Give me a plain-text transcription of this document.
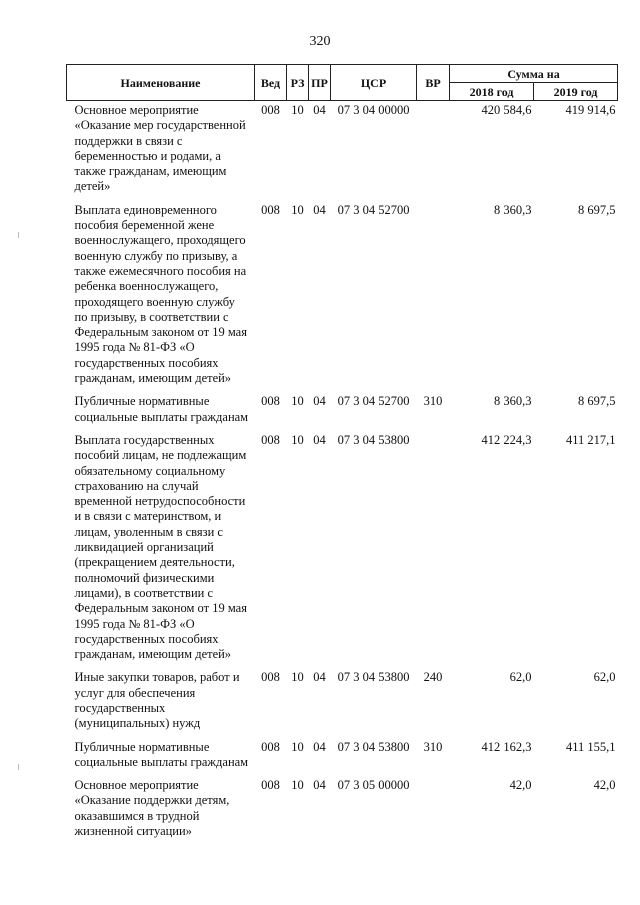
320
Наименование	Вед	РЗ	ПР	ЦСР	ВР	Сумма на	
						2018 год	2019 год
Основное мероприятие «Оказание мер государственной поддержки в связи с беременностью и родами, а также гражданам, имеющим детей»	008	10	04	07 3 04 00000		420 584,6	419 914,6
Выплата единовременного пособия беременной жене военнослужащего, проходящего военную службу по призыву, а также ежемесячного пособия на ребенка военнослужащего, проходящего военную службу по призыву, в соответствии с Федеральным законом от 19 мая 1995 года № 81-ФЗ «О государственных пособиях гражданам, имеющим детей»	008	10	04	07 3 04 52700		8 360,3	8 697,5
Публичные нормативные социальные выплаты гражданам	008	10	04	07 3 04 52700	310	8 360,3	8 697,5
Выплата государственных пособий лицам, не подлежащим обязательному социальному страхованию на случай временной нетрудоспособности и в связи с материнством, и лицам, уволенным в связи с ликвидацией организаций (прекращением деятельности, полномочий физическими лицами), в соответствии с Федеральным законом от 19 мая 1995 года № 81-ФЗ «О государственных пособиях гражданам, имеющим детей»	008	10	04	07 3 04 53800		412 224,3	411 217,1
Иные закупки товаров, работ и услуг для обеспечения государственных (муниципальных) нужд	008	10	04	07 3 04 53800	240	62,0	62,0
Публичные нормативные социальные выплаты гражданам	008	10	04	07 3 04 53800	310	412 162,3	411 155,1
Основное мероприятие «Оказание поддержки детям, оказавшимся в трудной жизненной ситуации»	008	10	04	07 3 05 00000		42,0	42,0
